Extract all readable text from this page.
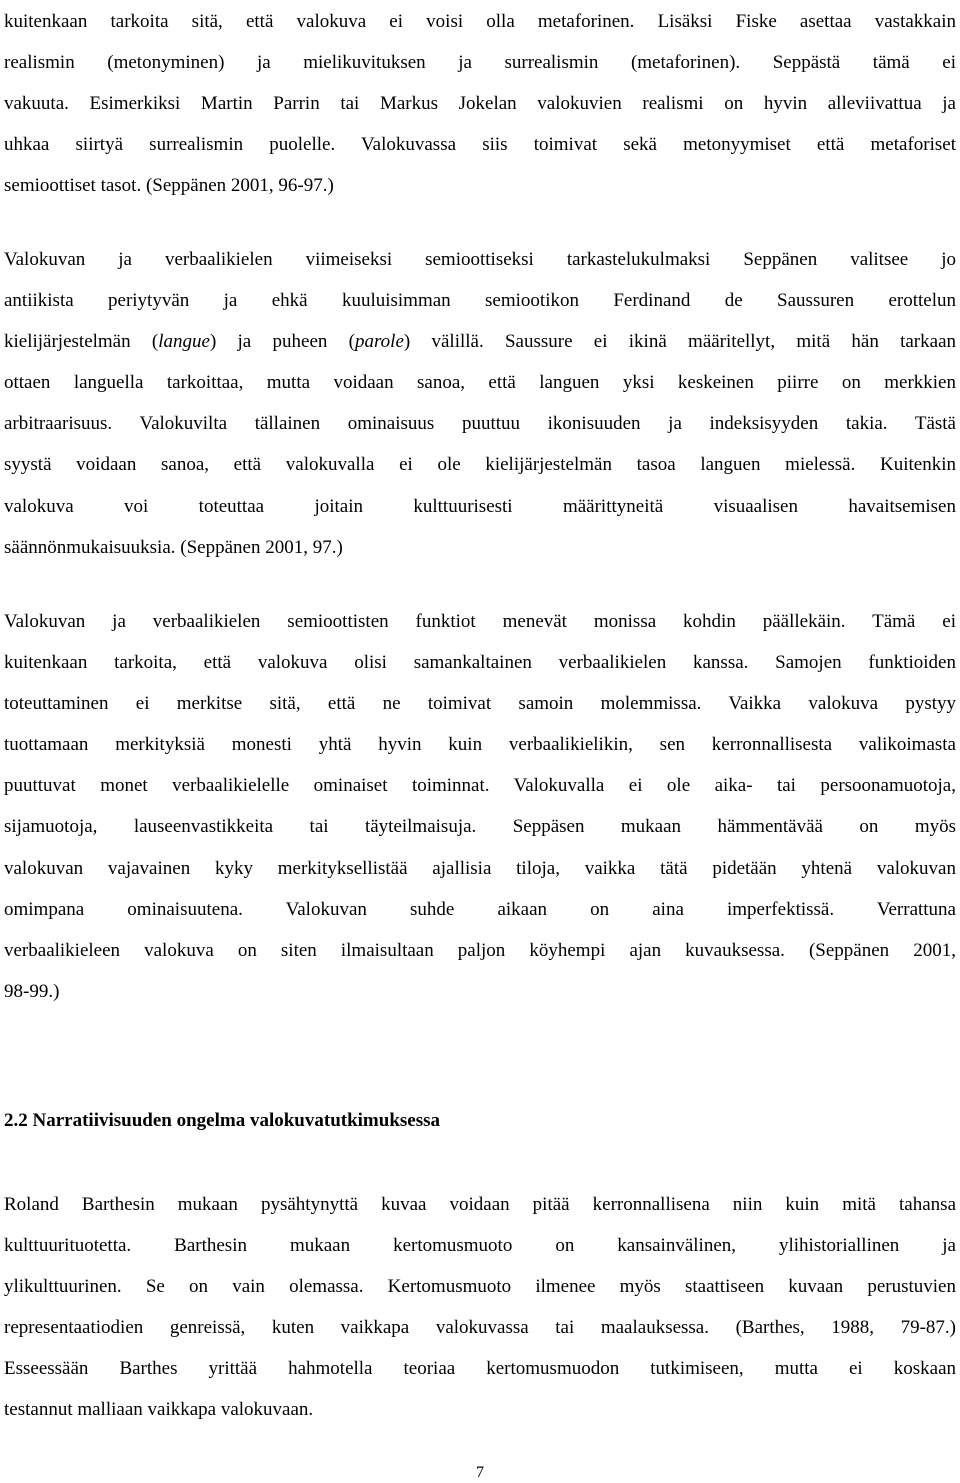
kuitenkaan tarkoita sitä, että valokuva ei voisi olla metaforinen. Lisäksi Fiske asettaa vastakkain
realismin (metonyminen) ja mielikuvituksen ja surrealismin (metaforinen). Seppästä tämä ei
vakuuta. Esimerkiksi Martin Parrin tai Markus Jokelan valokuvien realismi on hyvin alleviivattua ja
uhkaa siirtyä surrealismin puolelle. Valokuvassa siis toimivat sekä metonyymiset että metaforiset
semioottiset tasot. (Seppänen 2001, 96-97.)
Valokuvan ja verbaalikielen viimeiseksi semioottiseksi tarkastelukulmaksi Seppänen valitsee jo
antiikista periytyvän ja ehkä kuuluisimman semiootikon Ferdinand de Saussuren erottelun
kielijärjestelmän (langue) ja puheen (parole) välillä. Saussure ei ikinä määritellyt, mitä hän tarkaan
ottaen languella tarkoittaa, mutta voidaan sanoa, että languen yksi keskeinen piirre on merkkien
arbitraarisuus. Valokuvilta tällainen ominaisuus puuttuu ikonisuuden ja indeksisyyden takia. Tästä
syystä voidaan sanoa, että valokuvalla ei ole kielijärjestelmän tasoa languen mielessä. Kuitenkin
valokuva voi toteuttaa joitain kulttuurisesti määrittyneitä visuaalisen havaitsemisen
säännönmukaisuuksia. (Seppänen 2001, 97.)
Valokuvan ja verbaalikielen semioottisten funktiot menevät monissa kohdin päällekäin. Tämä ei
kuitenkaan tarkoita, että valokuva olisi samankaltainen verbaalikielen kanssa. Samojen funktioiden
toteuttaminen ei merkitse sitä, että ne toimivat samoin molemmissa. Vaikka valokuva pystyy
tuottamaan merkityksiä monesti yhtä hyvin kuin verbaalikielikin, sen kerronnallisesta valikoimasta
puuttuvat monet verbaalikielelle ominaiset toiminnat. Valokuvalla ei ole aika- tai persoonamuotoja,
sijamuotoja, lauseenvastikkeita tai täyteilmaisuja. Seppäsen mukaan hämmentävää on myös
valokuvan vajavainen kyky merkityksellistää ajallisia tiloja, vaikka tätä pidetään yhtenä valokuvan
omimpana ominaisuutena. Valokuvan suhde aikaan on aina imperfektissä. Verrattuna
verbaalikieleen valokuva on siten ilmaisultaan paljon köyhempi ajan kuvauksessa. (Seppänen 2001,
98-99.)
2.2 Narratiivisuuden ongelma valokuvatutkimuksessa
Roland Barthesin mukaan pysähtynyttä kuvaa voidaan pitää kerronnallisena niin kuin mitä tahansa
kulttuurituotetta. Barthesin mukaan kertomusmuoto on kansainvälinen, ylihistoriallinen ja
ylikulttuurinen. Se on vain olemassa. Kertomusmuoto ilmenee myös staattiseen kuvaan perustuvien
representaatiodien genreissä, kuten vaikkapa valokuvassa tai maalauksessa. (Barthes, 1988, 79-87.)
Esseessään Barthes yrittää hahmotella teoriaa kertomusmuodon tutkimiseen, mutta ei koskaan
testannut malliaan vaikkapa valokuvaan.
7
